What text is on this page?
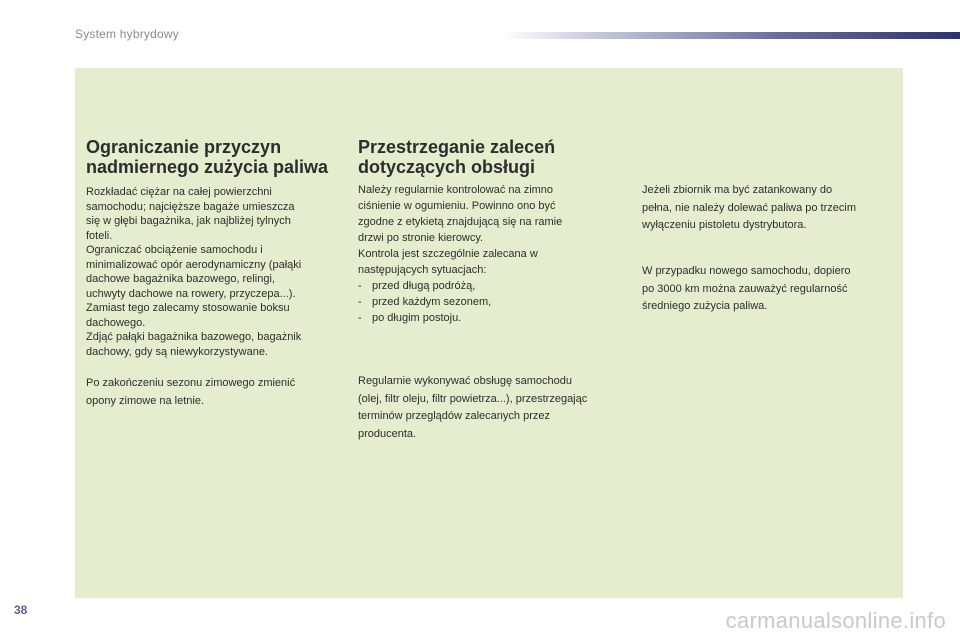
System hybrydowy
Ograniczanie przyczyn
nadmiernego zużycia paliwa
Rozkładać ciężar na całej powierzchni
samochodu; najcięższe bagaże umieszcza
się w głębi bagażnika, jak najbliżej tylnych
foteli.
Ograniczać obciążenie samochodu i
minimalizować opór aerodynamiczny (pałąki
dachowe bagażnika bazowego, relingi,
uchwyty dachowe na rowery, przyczepa...).
Zamiast tego zalecamy stosowanie boksu
dachowego.
Zdjąć pałąki bagażnika bazowego, bagażnik
dachowy, gdy są niewykorzystywane.
Po zakończeniu sezonu zimowego zmienić
opony zimowe na letnie.
Przestrzeganie zaleceń
dotyczących obsługi
Należy regularnie kontrolować na zimno
ciśnienie w ogumieniu. Powinno ono być
zgodne z etykietą znajdującą się na ramie
drzwi po stronie kierowcy.
Kontrola jest szczególnie zalecana w
następujących sytuacjach:
- przed długą podróżą,
- przed każdym sezonem,
- po długim postoju.
Regularnie wykonywać obsługę samochodu
(olej, filtr oleju, filtr powietrza...), przestrzegając
terminów przeglądów zalecanych przez
producenta.
Jeżeli zbiornik ma być zatankowany do
pełna, nie należy dolewać paliwa po trzecim
wyłączeniu pistoletu dystrybutora.
W przypadku nowego samochodu, dopiero
po 3000 km można zauważyć regularność
średniego zużycia paliwa.
38	carmanualsonline.info
